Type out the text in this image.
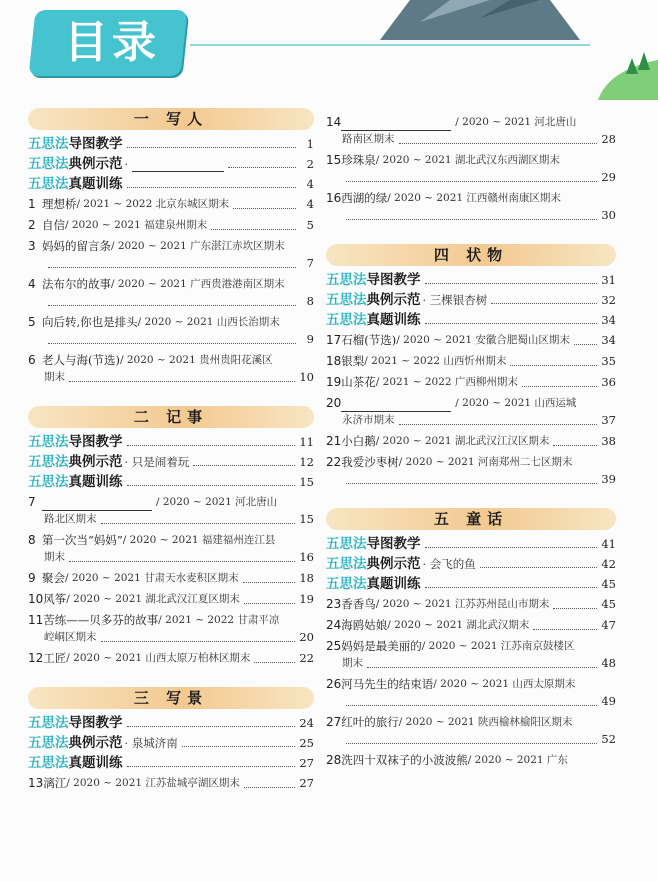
目录
一 写人
五思法 导图教学	1
五思法 典例示范 ·	2
五思法 真题训练	4
1 理想桥 / 2021 ~ 2022 北京东城区期末	4
2 自信 / 2020 ~ 2021 福建泉州期末	5
3 妈妈的留言条 / 2020 ~ 2021 广东湛江赤坎区期末
7
4 法布尔的故事 / 2020 ~ 2021 广西贵港港南区期末
8
5 向后转,你也是排头 / 2020 ~ 2021 山西长治期末
9
6 老人与海(节选) / 2020 ~ 2021 贵州贵阳花溪区
期末	10
二 记事
五思法 导图教学	11
五思法 典例示范 · 只是闹着玩	12
五思法 真题训练	15
7	/ 2020 ~ 2021 河北唐山
路北区期末	15
8 第一次当“妈妈” / 2020 ~ 2021 福建福州连江县
期末	16
9 聚会 / 2020 ~ 2021 甘肃天水麦积区期末	18
10 风筝 / 2020 ~ 2021 湖北武汉江夏区期末	19
11 苦练——贝多芬的故事 / 2021 ~ 2022 甘肃平凉
崆峒区期末	20
12 工匠 / 2020 ~ 2021 山西太原万柏林区期末	22
三 写景
五思法 导图教学	24
五思法 典例示范 · 泉城济南	25
五思法 真题训练	27
13 漓江 / 2020 ~ 2021 江苏盐城亭湖区期末	27
14	/ 2020 ~ 2021 河北唐山
路南区期末	28
15 珍珠泉 / 2020 ~ 2021 湖北武汉东西湖区期末
29
16 西湖的绿 / 2020 ~ 2021 江西赣州南康区期末
30
四 状物
五思法 导图教学	31
五思法 典例示范 · 三棵银杏树	32
五思法 真题训练	34
17 石榴(节选) / 2020 ~ 2021 安徽合肥蜀山区期末	34
18 银梨 / 2021 ~ 2022 山西忻州期末	35
19 山茶花 / 2021 ~ 2022 广西柳州期末	36
20	/ 2020 ~ 2021 山西运城
永济市期末	37
21 小白鹅 / 2020 ~ 2021 湖北武汉江汉区期末	38
22 我爱沙枣树 / 2020 ~ 2021 河南郑州二七区期末
39
五 童话
五思法 导图教学	41
五思法 典例示范 · 会飞的鱼	42
五思法 真题训练	45
23 香香鸟 / 2020 ~ 2021 江苏苏州昆山市期末	45
24 海鸥姑娘 / 2020 ~ 2021 湖北武汉期末	47
25 妈妈是最美丽的 / 2020 ~ 2021 江苏南京鼓楼区
期末	48
26 河马先生的结束语 / 2020 ~ 2021 山西太原期末
49
27 红叶的旅行 / 2020 ~ 2021 陕西榆林榆阳区期末
52
28 洗四十双袜子的小波波熊 / 2020 ~ 2021 广东
